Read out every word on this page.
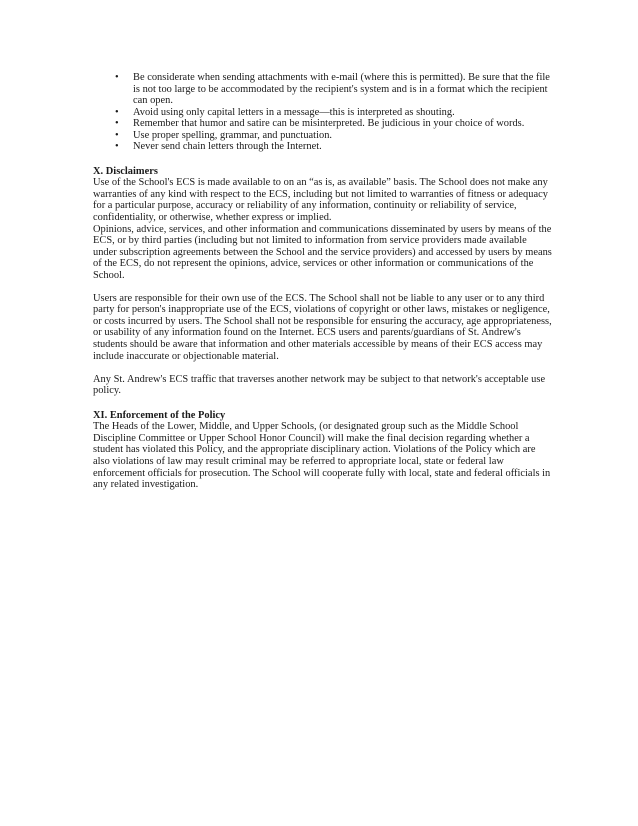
• Be considerate when sending attachments with e-mail (where this is permitted). Be sure that the file is not too large to be accommodated by the recipient's system and is in a format which the recipient can open.
• Avoid using only capital letters in a message—this is interpreted as shouting.
• Remember that humor and satire can be misinterpreted. Be judicious in your choice of words.
• Use proper spelling, grammar, and punctuation.
• Never send chain letters through the Internet.
X. Disclaimers

Use of the School's ECS is made available to on an “as is, as available” basis. The School does not make any warranties of any kind with respect to the ECS, including but not limited to warranties of fitness or adequacy for a particular purpose, accuracy or reliability of any information, continuity or reliability of service, confidentiality, or otherwise, whether express or implied.

Opinions, advice, services, and other information and communications disseminated by users by means of the ECS, or by third parties (including but not limited to information from service providers made available under subscription agreements between the School and the service providers) and accessed by users by means of the ECS, do not represent the opinions, advice, services or other information or communications of the School.

Users are responsible for their own use of the ECS. The School shall not be liable to any user or to any third party for person's inappropriate use of the ECS, violations of copyright or other laws, mistakes or negligence, or costs incurred by users. The School shall not be responsible for ensuring the accuracy, age appropriateness, or usability of any information found on the Internet. ECS users and parents/guardians of St. Andrew's students should be aware that information and other materials accessible by means of their ECS access may include inaccurate or objectionable material.

Any St. Andrew's ECS traffic that traverses another network may be subject to that network's acceptable use policy.

XI. Enforcement of the Policy

The Heads of the Lower, Middle, and Upper Schools, (or designated group such as the Middle School Discipline Committee or Upper School Honor Council) will make the final decision regarding whether a student has violated this Policy, and the appropriate disciplinary action. Violations of the Policy which are also violations of law may result criminal may be referred to appropriate local, state or federal law enforcement officials for prosecution. The School will cooperate fully with local, state and federal officials in any related investigation.
